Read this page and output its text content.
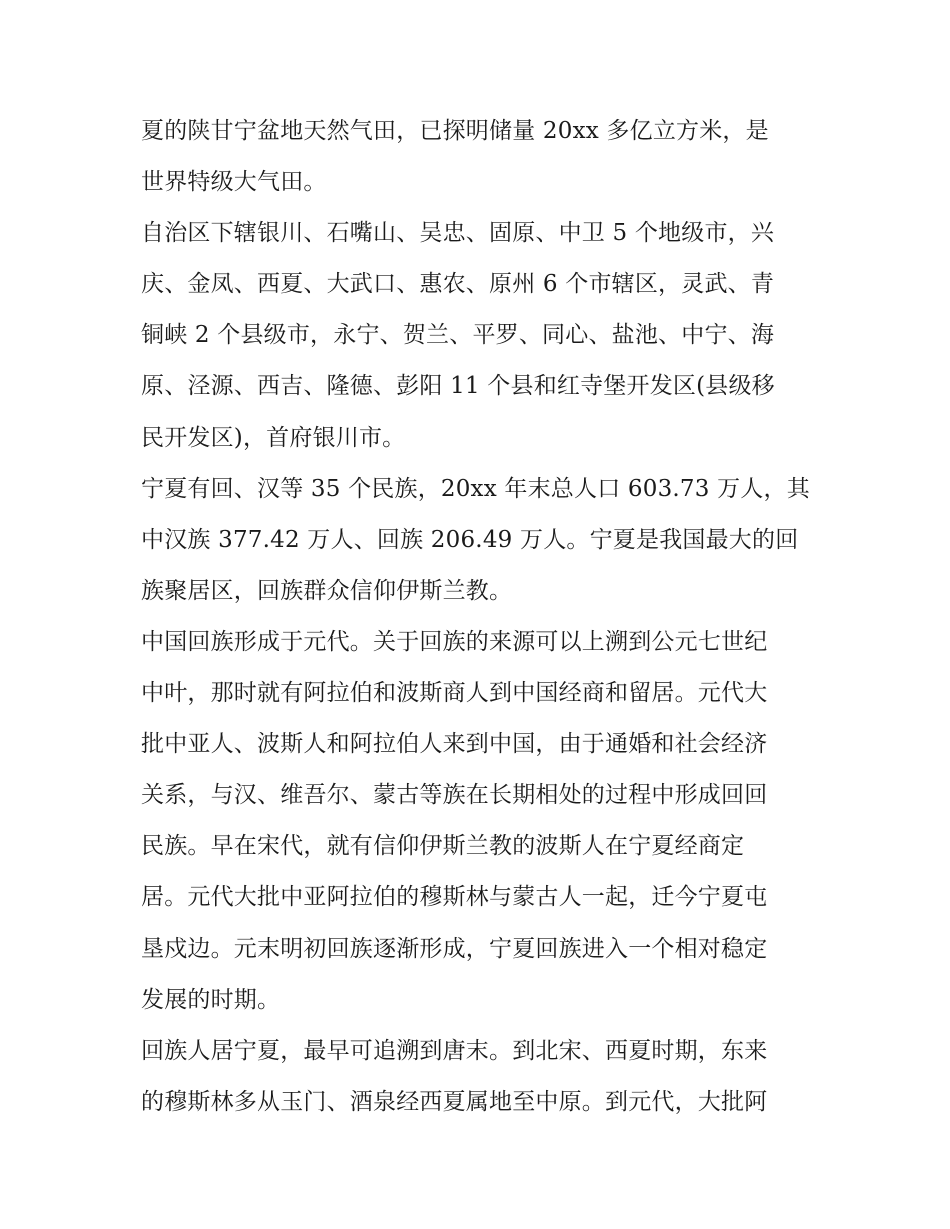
夏的陕甘宁盆地天然气田，已探明储量 20xx 多亿立方米，是
世界特级大气田。
自治区下辖银川、石嘴山、吴忠、固原、中卫 5 个地级市，兴
庆、金凤、西夏、大武口、惠农、原州 6 个市辖区，灵武、青
铜峡 2 个县级市，永宁、贺兰、平罗、同心、盐池、中宁、海
原、泾源、西吉、隆德、彭阳 11 个县和红寺堡开发区(县级移
民开发区)，首府银川市。
宁夏有回、汉等 35 个民族，20xx 年末总人口 603.73 万人，其
中汉族 377.42 万人、回族 206.49 万人。宁夏是我国最大的回
族聚居区，回族群众信仰伊斯兰教。
中国回族形成于元代。关于回族的来源可以上溯到公元七世纪
中叶，那时就有阿拉伯和波斯商人到中国经商和留居。元代大
批中亚人、波斯人和阿拉伯人来到中国，由于通婚和社会经济
关系，与汉、维吾尔、蒙古等族在长期相处的过程中形成回回
民族。早在宋代，就有信仰伊斯兰教的波斯人在宁夏经商定
居。元代大批中亚阿拉伯的穆斯林与蒙古人一起，迁今宁夏屯
垦戍边。元末明初回族逐渐形成，宁夏回族进入一个相对稳定
发展的时期。
回族人居宁夏，最早可追溯到唐末。到北宋、西夏时期，东来
的穆斯林多从玉门、酒泉经西夏属地至中原。到元代，大批阿
